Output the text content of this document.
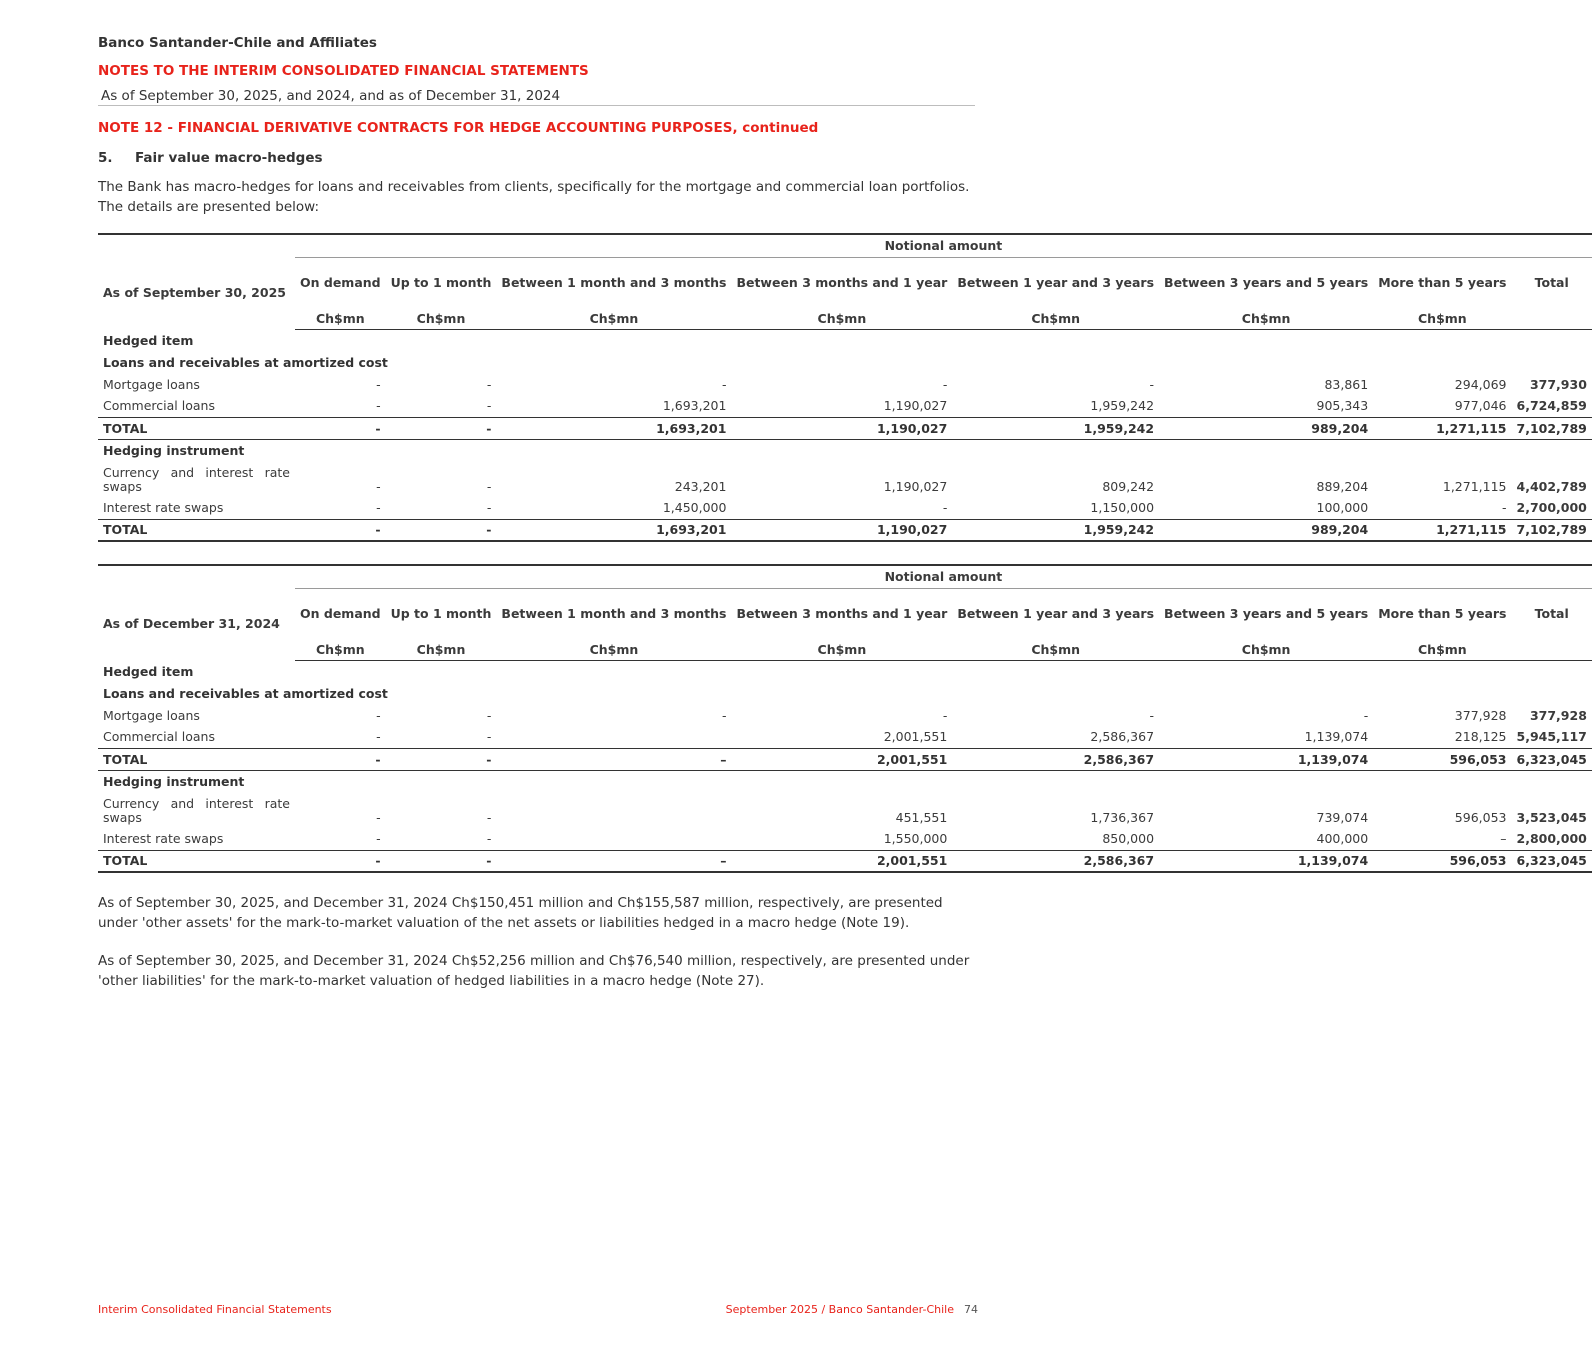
Banco Santander-Chile and Affiliates
NOTES TO THE INTERIM CONSOLIDATED FINANCIAL STATEMENTS
As of September 30, 2025, and 2024, and as of December 31, 2024
NOTE 12 - FINANCIAL DERIVATIVE CONTRACTS FOR HEDGE ACCOUNTING PURPOSES, continued
5. Fair value macro-hedges
The Bank has macro-hedges for loans and receivables from clients, specifically for the mortgage and commercial loan portfolios. The details are presented below:
	Notional amount							
As of September 30, 2025	On demand	Up to 1 month	Between 1 month and 3 months	Between 3 months and 1 year	Between 1 year and 3 years	Between 3 years and 5 years	More than 5 years	Total
	Ch$mn	Ch$mn	Ch$mn	Ch$mn	Ch$mn	Ch$mn	Ch$mn	
Hedged item								
Loans and receivables at amortized cost								
Mortgage loans	-	-	-	-	-	83,861	294,069	377,930
Commercial loans	-	-	1,693,201	1,190,027	1,959,242	905,343	977,046	6,724,859
TOTAL	-	-	1,693,201	1,190,027	1,959,242	989,204	1,271,115	7,102,789
Hedging instrument								
Currency and interest rate swaps	-	-	243,201	1,190,027	809,242	889,204	1,271,115	4,402,789
Interest rate swaps	-	-	1,450,000	-	1,150,000	100,000	-	2,700,000
TOTAL	-	-	1,693,201	1,190,027	1,959,242	989,204	1,271,115	7,102,789
	Notional amount							
As of December 31, 2024	On demand	Up to 1 month	Between 1 month and 3 months	Between 3 months and 1 year	Between 1 year and 3 years	Between 3 years and 5 years	More than 5 years	Total
	Ch$mn	Ch$mn	Ch$mn	Ch$mn	Ch$mn	Ch$mn	Ch$mn	
Hedged item								
Loans and receivables at amortized cost								
Mortgage loans	-	-	-	-	-	-	377,928	377,928
Commercial loans	-	-		2,001,551	2,586,367	1,139,074	218,125	5,945,117
TOTAL	-	-	–	2,001,551	2,586,367	1,139,074	596,053	6,323,045
Hedging instrument								
Currency and interest rate swaps	-	-		451,551	1,736,367	739,074	596,053	3,523,045
Interest rate swaps	-	-		1,550,000	850,000	400,000	–	2,800,000
TOTAL	-	-	–	2,001,551	2,586,367	1,139,074	596,053	6,323,045
As of September 30, 2025, and December 31, 2024 Ch$150,451 million and Ch$155,587 million, respectively, are presented under 'other assets' for the mark-to-market valuation of the net assets or liabilities hedged in a macro hedge (Note 19).
As of September 30, 2025, and December 31, 2024 Ch$52,256 million and Ch$76,540 million, respectively, are presented under 'other liabilities' for the mark-to-market valuation of hedged liabilities in a macro hedge (Note 27).
Interim Consolidated Financial Statements	September 2025 / Banco Santander-Chile 74
